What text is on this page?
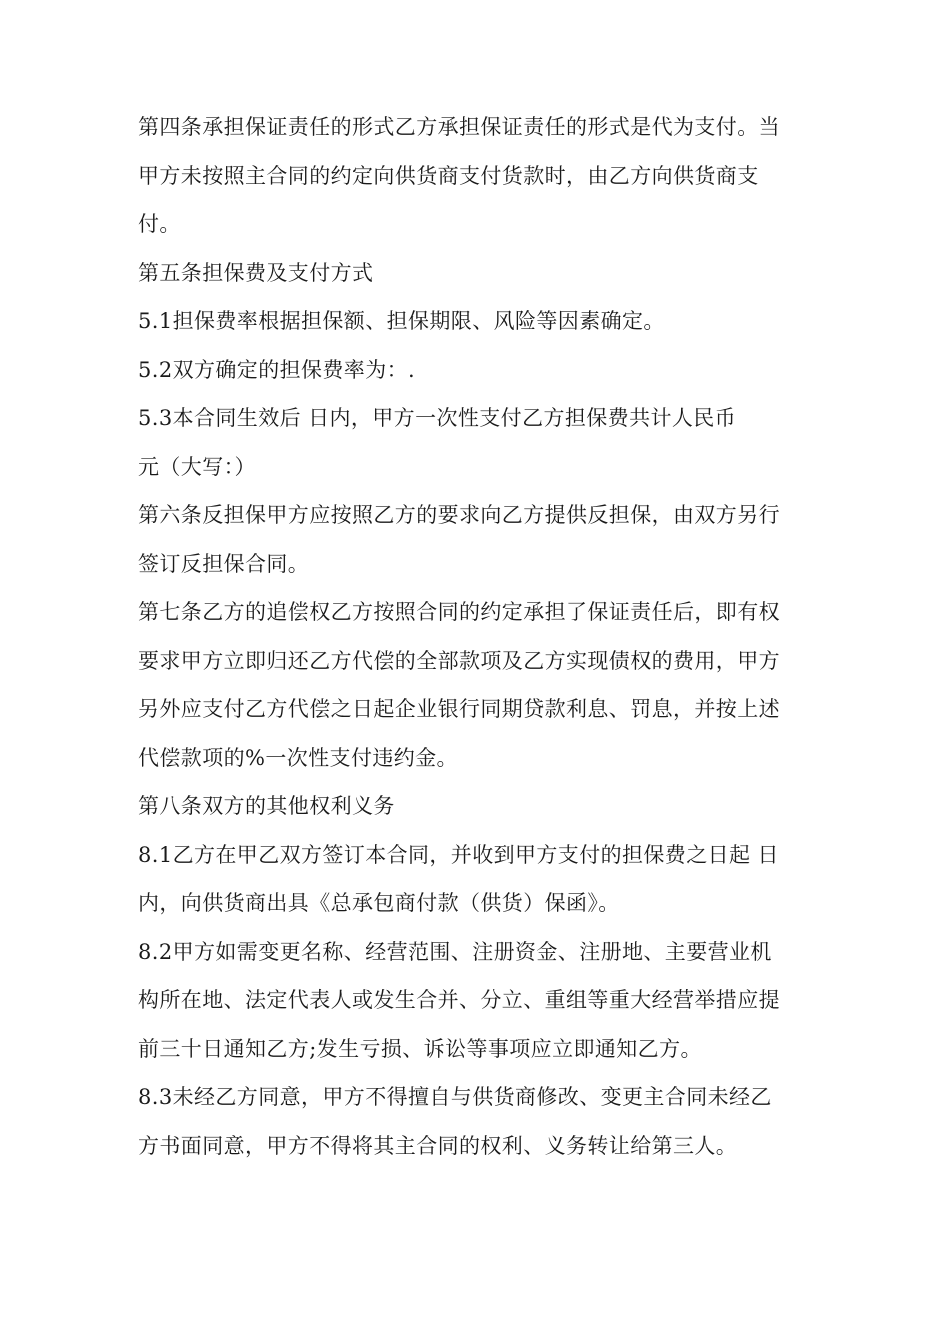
第四条承担保证责任的形式乙方承担保证责任的形式是代为支付。当
甲方未按照主合同的约定向供货商支付货款时，由乙方向供货商支
付。
第五条担保费及支付方式
5.1担保费率根据担保额、担保期限、风险等因素确定。
5.2双方确定的担保费率为：.
5.3本合同生效后 日内，甲方一次性支付乙方担保费共计人民币
元（大写：）
第六条反担保甲方应按照乙方的要求向乙方提供反担保，由双方另行
签订反担保合同。
第七条乙方的追偿权乙方按照合同的约定承担了保证责任后，即有权
要求甲方立即归还乙方代偿的全部款项及乙方实现债权的费用，甲方
另外应支付乙方代偿之日起企业银行同期贷款利息、罚息，并按上述
代偿款项的%一次性支付违约金。
第八条双方的其他权利义务
8.1乙方在甲乙双方签订本合同，并收到甲方支付的担保费之日起 日
内，向供货商出具《总承包商付款（供货）保函》。
8.2甲方如需变更名称、经营范围、注册资金、注册地、主要营业机
构所在地、法定代表人或发生合并、分立、重组等重大经营举措应提
前三十日通知乙方;发生亏损、诉讼等事项应立即通知乙方。
8.3未经乙方同意，甲方不得擅自与供货商修改、变更主合同未经乙
方书面同意，甲方不得将其主合同的权利、义务转让给第三人。
